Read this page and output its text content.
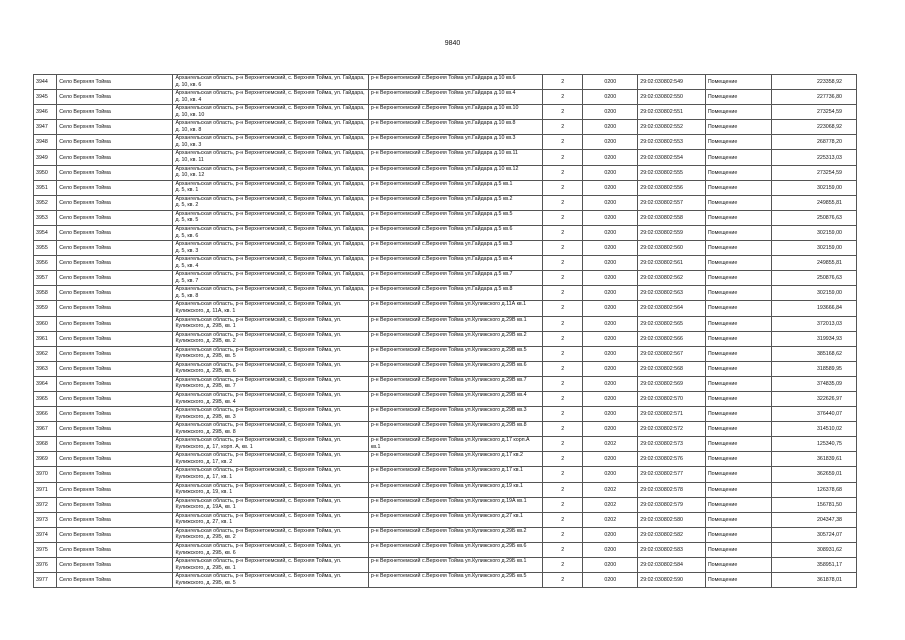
9840
3944	Село Верхняя Тойма	Архангельская область, р-н Верхнетоемский, с. Верхняя Тойма, ул. Гайдара, д. 10, кв. 6	р-н Верхнетоемский с.Верхняя Тойма ул.Гайдара д.10 кв.6	2	0200	29:02:030802:549	Помещение	223358,92
3945	Село Верхняя Тойма	Архангельская область, р-н Верхнетоемский, с. Верхняя Тойма, ул. Гайдара, д. 10, кв. 4	р-н Верхнетоемский с.Верхняя Тойма ул.Гайдара д.10 кв.4	2	0200	29:02:030802:550	Помещение	227736,80
3946	Село Верхняя Тойма	Архангельская область, р-н Верхнетоемский, с. Верхняя Тойма, ул. Гайдара, д. 10, кв. 10	р-н Верхнетоемский с.Верхняя Тойма ул.Гайдара д.10 кв.10	2	0200	29:02:030802:551	Помещение	273254,59
3947	Село Верхняя Тойма	Архангельская область, р-н Верхнетоемский, с. Верхняя Тойма, ул. Гайдара, д. 10, кв. 8	р-н Верхнетоемский с.Верхняя Тойма ул.Гайдара д.10 кв.8	2	0200	29:02:030802:552	Помещение	223068,92
3948	Село Верхняя Тойма	Архангельская область, р-н Верхнетоемский, с. Верхняя Тойма, ул. Гайдара, д. 10, кв. 3	р-н Верхнетоемский с.Верхняя Тойма ул.Гайдара д.10 кв.3	2	0200	29:02:030802:553	Помещение	268778,20
3949	Село Верхняя Тойма	Архангельская область, р-н Верхнетоемский, с. Верхняя Тойма, ул. Гайдара, д. 10, кв. 11	р-н Верхнетоемский с.Верхняя Тойма ул.Гайдара д.10 кв.11	2	0200	29:02:030802:554	Помещение	225313,03
3950	Село Верхняя Тойма	Архангельская область, р-н Верхнетоемский, с. Верхняя Тойма, ул. Гайдара, д. 10, кв. 12	р-н Верхнетоемский с.Верхняя Тойма ул.Гайдара д.10 кв.12	2	0200	29:02:030802:555	Помещение	273254,59
3951	Село Верхняя Тойма	Архангельская область, р-н Верхнетоемский, с. Верхняя Тойма, ул. Гайдара, д. 5, кв. 1	р-н Верхнетоемский с.Верхняя Тойма ул.Гайдара д.5 кв.1	2	0200	29:02:030802:556	Помещение	302159,00
3952	Село Верхняя Тойма	Архангельская область, р-н Верхнетоемский, с. Верхняя Тойма, ул. Гайдара, д. 5, кв. 2	р-н Верхнетоемский с.Верхняя Тойма ул.Гайдара д.5 кв.2	2	0200	29:02:030802:557	Помещение	249855,81
3953	Село Верхняя Тойма	Архангельская область, р-н Верхнетоемский, с. Верхняя Тойма, ул. Гайдара, д. 5, кв. 5	р-н Верхнетоемский с.Верхняя Тойма ул.Гайдара д.5 кв.5	2	0200	29:02:030802:558	Помещение	250876,63
3954	Село Верхняя Тойма	Архангельская область, р-н Верхнетоемский, с. Верхняя Тойма, ул. Гайдара, д. 5, кв. 6	р-н Верхнетоемский с.Верхняя Тойма ул.Гайдара д.5 кв.6	2	0200	29:02:030802:559	Помещение	302159,00
3955	Село Верхняя Тойма	Архангельская область, р-н Верхнетоемский, с. Верхняя Тойма, ул. Гайдара, д. 5, кв. 3	р-н Верхнетоемский с.Верхняя Тойма ул.Гайдара д.5 кв.3	2	0200	29:02:030802:560	Помещение	302159,00
3956	Село Верхняя Тойма	Архангельская область, р-н Верхнетоемский, с. Верхняя Тойма, ул. Гайдара, д. 5, кв. 4	р-н Верхнетоемский с.Верхняя Тойма ул.Гайдара д.5 кв.4	2	0200	29:02:030802:561	Помещение	249855,81
3957	Село Верхняя Тойма	Архангельская область, р-н Верхнетоемский, с. Верхняя Тойма, ул. Гайдара, д. 5, кв. 7	р-н Верхнетоемский с.Верхняя Тойма ул.Гайдара д.5 кв.7	2	0200	29:02:030802:562	Помещение	250876,63
3958	Село Верхняя Тойма	Архангельская область, р-н Верхнетоемский, с. Верхняя Тойма, ул. Гайдара, д. 5, кв. 8	р-н Верхнетоемский с.Верхняя Тойма ул.Гайдара д.5 кв.8	2	0200	29:02:030802:563	Помещение	302159,00
3959	Село Верхняя Тойма	Архангельская область, р-н Верхнетоемский, с. Верхняя Тойма, ул. Кулижского, д. 11А, кв. 1	р-н Верхнетоемский с.Верхняя Тойма ул.Кулижского д.11А кв.1	2	0200	29:02:030802:564	Помещение	193666,84
3960	Село Верхняя Тойма	Архангельская область, р-н Верхнетоемский, с. Верхняя Тойма, ул. Кулижского, д. 29В, кв. 1	р-н Верхнетоемский с.Верхняя Тойма ул.Кулижского д.29В кв.1	2	0200	29:02:030802:565	Помещение	372013,03
3961	Село Верхняя Тойма	Архангельская область, р-н Верхнетоемский, с. Верхняя Тойма, ул. Кулижского, д. 29В, кв. 2	р-н Верхнетоемский с.Верхняя Тойма ул.Кулижского д.29В кв.2	2	0200	29:02:030802:566	Помещение	319934,93
3962	Село Верхняя Тойма	Архангельская область, р-н Верхнетоемский, с. Верхняя Тойма, ул. Кулижского, д. 29В, кв. 5	р-н Верхнетоемский с.Верхняя Тойма ул.Кулижского д.29В кв.5	2	0200	29:02:030802:567	Помещение	385168,62
3963	Село Верхняя Тойма	Архангельская область, р-н Верхнетоемский, с. Верхняя Тойма, ул. Кулижского, д. 29В, кв. 6	р-н Верхнетоемский с.Верхняя Тойма ул.Кулижского д.29В кв.6	2	0200	29:02:030802:568	Помещение	318589,95
3964	Село Верхняя Тойма	Архангельская область, р-н Верхнетоемский, с. Верхняя Тойма, ул. Кулижского, д. 29В, кв. 7	р-н Верхнетоемский с.Верхняя Тойма ул.Кулижского д.29В кв.7	2	0200	29:02:030802:569	Помещение	374835,09
3965	Село Верхняя Тойма	Архангельская область, р-н Верхнетоемский, с. Верхняя Тойма, ул. Кулижского, д. 29В, кв. 4	р-н Верхнетоемский с.Верхняя Тойма ул.Кулижского д.29В кв.4	2	0200	29:02:030802:570	Помещение	322626,97
3966	Село Верхняя Тойма	Архангельская область, р-н Верхнетоемский, с. Верхняя Тойма, ул. Кулижского, д. 29В, кв. 3	р-н Верхнетоемский с.Верхняя Тойма ул.Кулижского д.29В кв.3	2	0200	29:02:030802:571	Помещение	376440,07
3967	Село Верхняя Тойма	Архангельская область, р-н Верхнетоемский, с. Верхняя Тойма, ул. Кулижского, д. 29В, кв. 8	р-н Верхнетоемский с.Верхняя Тойма ул.Кулижского д.29В кв.8	2	0200	29:02:030802:572	Помещение	314510,02
3968	Село Верхняя Тойма	Архангельская область, р-н Верхнетоемский, с. Верхняя Тойма, ул. Кулижского, д. 17, корп. А, кв. 1	р-н Верхнетоемский с.Верхняя Тойма ул.Кулижского д.17 корп.А кв.1	2	0202	29:02:030802:573	Помещение	125340,75
3969	Село Верхняя Тойма	Архангельская область, р-н Верхнетоемский, с. Верхняя Тойма, ул. Кулижского, д. 17, кв. 2	р-н Верхнетоемский с.Верхняя Тойма ул.Кулижского д.17 кв.2	2	0200	29:02:030802:576	Помещение	361839,61
3970	Село Верхняя Тойма	Архангельская область, р-н Верхнетоемский, с. Верхняя Тойма, ул. Кулижского, д. 17, кв. 1	р-н Верхнетоемский с.Верхняя Тойма ул.Кулижского д.17 кв.1	2	0200	29:02:030802:577	Помещение	362659,01
3971	Село Верхняя Тойма	Архангельская область, р-н Верхнетоемский, с. Верхняя Тойма, ул. Кулижского, д. 19, кв. 1	р-н Верхнетоемский с.Верхняя Тойма ул.Кулижского д.19 кв.1	2	0202	29:02:030802:578	Помещение	126378,68
3972	Село Верхняя Тойма	Архангельская область, р-н Верхнетоемский, с. Верхняя Тойма, ул. Кулижского, д. 19А, кв. 1	р-н Верхнетоемский с.Верхняя Тойма ул.Кулижского д.19А кв.1	2	0202	29:02:030802:579	Помещение	156781,50
3973	Село Верхняя Тойма	Архангельская область, р-н Верхнетоемский, с. Верхняя Тойма, ул. Кулижского, д. 27, кв. 1	р-н Верхнетоемский с.Верхняя Тойма ул.Кулижского д.27 кв.1	2	0202	29:02:030802:580	Помещение	204347,38
3974	Село Верхняя Тойма	Архангельская область, р-н Верхнетоемский, с. Верхняя Тойма, ул. Кулижского, д. 29Б, кв. 2	р-н Верхнетоемский с.Верхняя Тойма ул.Кулижского д.29Б кв.2	2	0200	29:02:030802:582	Помещение	305724,07
3975	Село Верхняя Тойма	Архангельская область, р-н Верхнетоемский, с. Верхняя Тойма, ул. Кулижского, д. 29Б, кв. 6	р-н Верхнетоемский с.Верхняя Тойма ул.Кулижского д.29Б кв.6	2	0200	29:02:030802:583	Помещение	308931,62
3976	Село Верхняя Тойма	Архангельская область, р-н Верхнетоемский, с. Верхняя Тойма, ул. Кулижского, д. 29Б, кв. 1	р-н Верхнетоемский с.Верхняя Тойма ул.Кулижского д.29Б кв.1	2	0200	29:02:030802:584	Помещение	358951,17
3977	Село Верхняя Тойма	Архангельская область, р-н Верхнетоемский, с. Верхняя Тойма, ул. Кулижского, д. 29Б, кв. 5	р-н Верхнетоемский с.Верхняя Тойма ул.Кулижского д.29Б кв.5	2	0200	29:02:030802:590	Помещение	361878,01
